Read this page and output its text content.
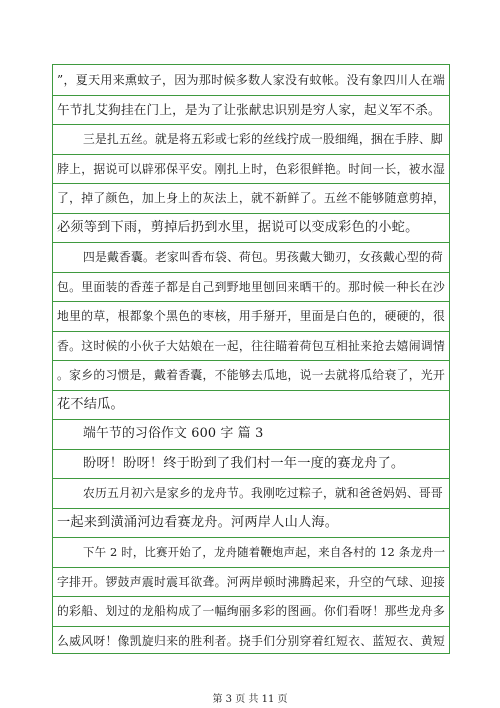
”，夏天用来熏蚊子，因为那时候多数人家没有蚊帐。没有象四川人在端
午节扎艾狗挂在门上，是为了让张献忠识别是穷人家，起义军不杀。
三是扎五丝。就是将五彩或七彩的丝线拧成一股细绳，捆在手脖、脚
脖上，据说可以辟邪保平安。刚扎上时，色彩很鲜艳。时间一长，被水湿
了，掉了颜色，加上身上的灰法上，就不新鲜了。五丝不能够随意剪掉，
必须等到下雨，剪掉后扔到水里，据说可以变成彩色的小蛇。
四是戴香囊。老家叫香布袋、荷包。男孩戴大锄刃，女孩戴心型的荷
包。里面装的香莲子都是自己到野地里刨回来晒干的。那时候一种长在沙
地里的草，根都象个黑色的枣核，用手掰开，里面是白色的，硬硬的，很
香。这时候的小伙子大姑娘在一起，往往瞄着荷包互相扯来抢去嬉闹调情
。家乡的习惯是，戴着香囊，不能够去瓜地，说一去就将瓜给衰了，光开
花不结瓜。
端午节的习俗作文 600 字 篇 3
盼呀！盼呀！终于盼到了我们村一年一度的赛龙舟了。
农历五月初六是家乡的龙舟节。我刚吃过粽子，就和爸爸妈妈、哥哥
一起来到潢涌河边看赛龙舟。河两岸人山人海。
下午 2 时，比赛开始了，龙舟随着鞭炮声起，来自各村的 12 条龙舟一
字排开。锣鼓声震时震耳欲聋。河两岸顿时沸腾起来，升空的气球、迎接
的彩船、划过的龙船构成了一幅绚丽多彩的图画。你们看呀！那些龙舟多
么威风呀！像凯旋归来的胜利者。挠手们分别穿着红短衣、蓝短衣、黄短
第 3 页 共 11 页
